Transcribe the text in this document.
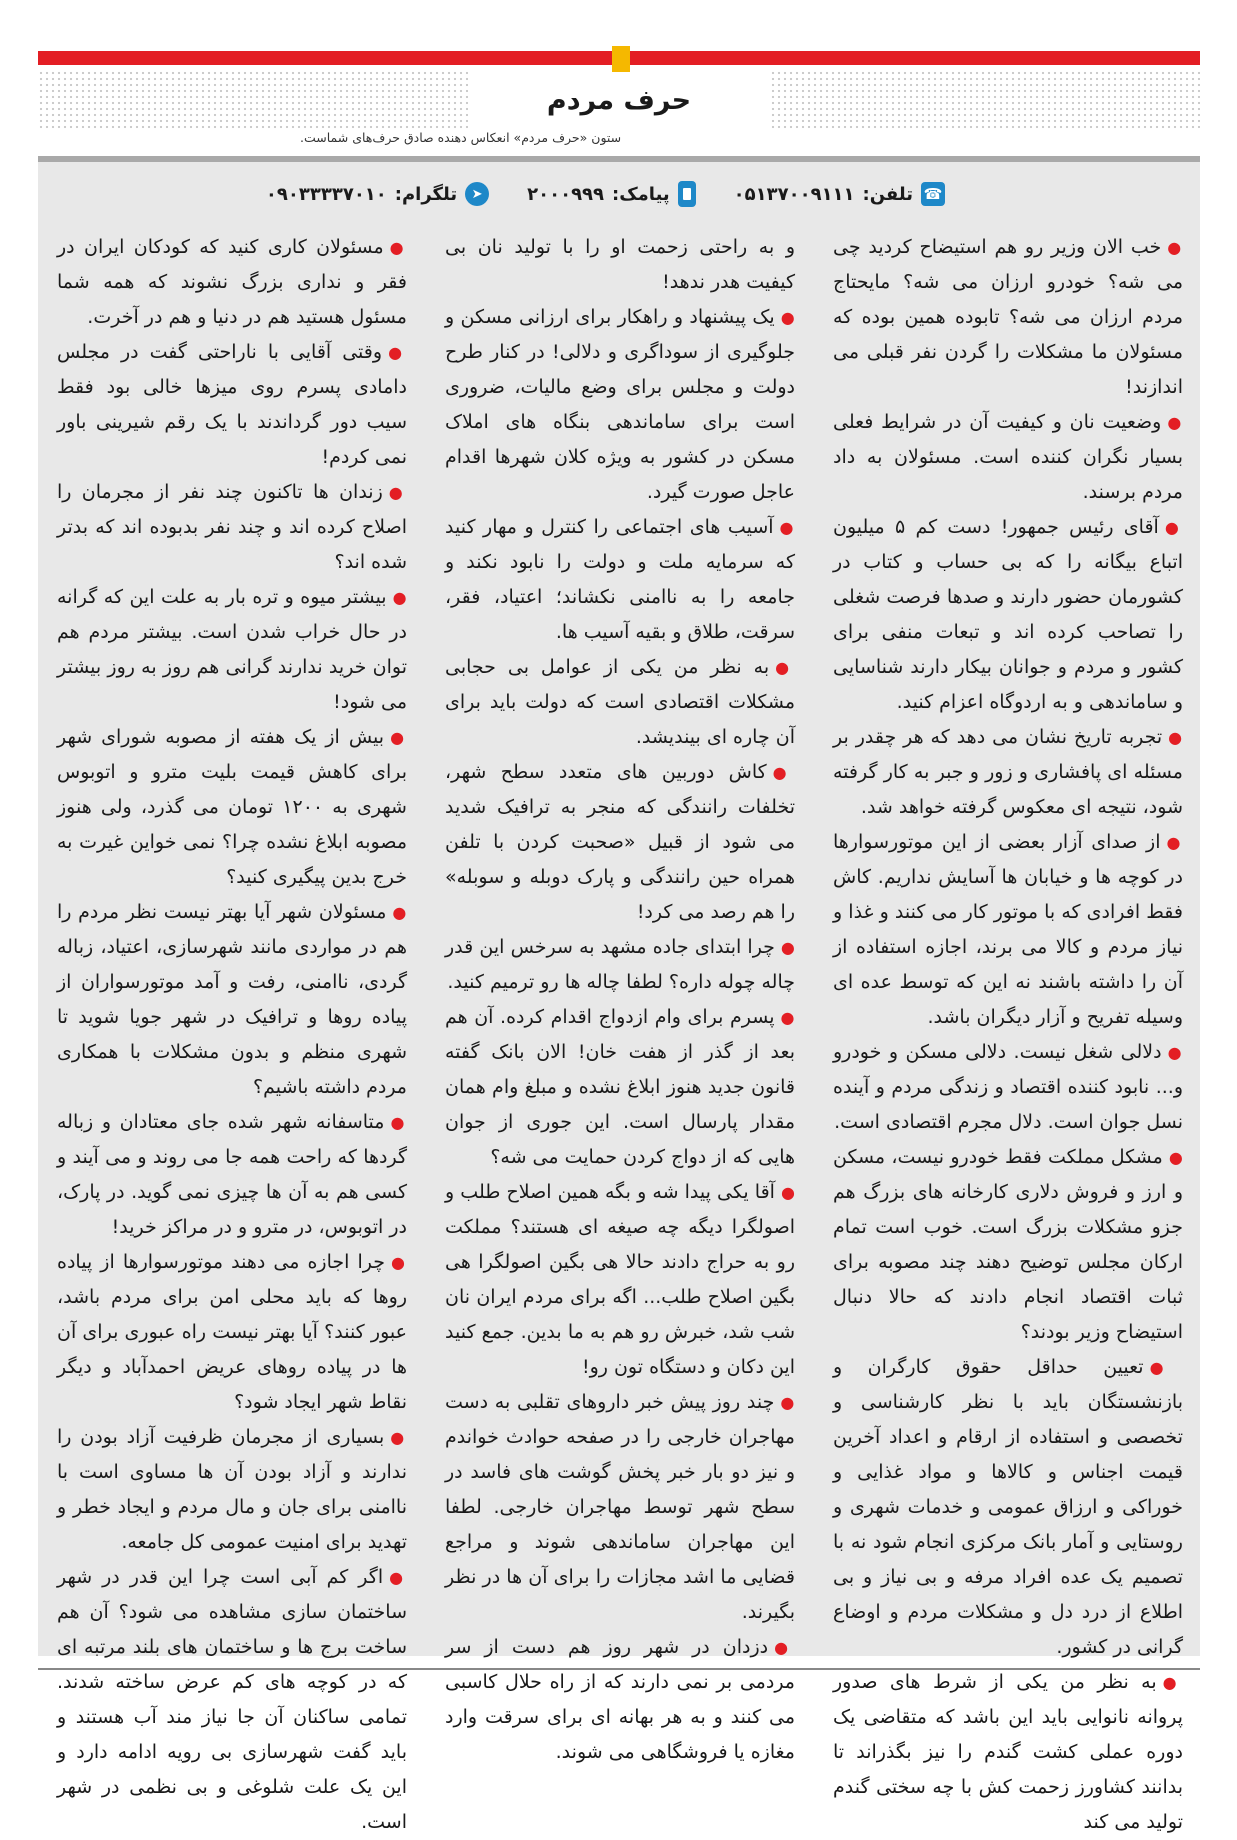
حرف مردم
ستون «حرف مردم» انعکاس دهنده صادق حرف‌های شماست.
☎
تلفن:
۰۵۱۳۷۰۰۹۱۱۱
پیامک:
۲۰۰۰۹۹۹
➤
تلگرام:
۰۹۰۳۳۳۳۷۰۱۰

●خب الان وزیر رو هم استیضاح کردید چی می شه؟ خودرو ارزان می شه؟ مایحتاج مردم ارزان می شه؟ تابوده همین بوده که مسئولان ما مشکلات را گردن نفر قبلی می اندازند!

●وضعیت نان و کیفیت آن در شرایط فعلی بسیار نگران کننده است. مسئولان به داد مردم برسند.

●آقای رئیس جمهور! دست کم ۵ میلیون اتباع بیگانه را که بی حساب و کتاب در کشورمان حضور دارند و صدها فرصت شغلی را تصاحب کرده اند و تبعات منفی برای کشور و مردم و جوانان بیکار دارند شناسایی و ساماندهی و به اردوگاه اعزام کنید.

●تجربه تاریخ نشان می دهد که هر چقدر بر مسئله ای پافشاری و زور و جبر به کار گرفته شود، نتیجه ای معکوس گرفته خواهد شد.

●از صدای آزار بعضی از این موتورسوارها در کوچه ها و خیابان ها آسایش نداریم. کاش فقط افرادی که با موتور کار می کنند و غذا و نیاز مردم و کالا می برند، اجازه استفاده از آن را داشته باشند نه این که توسط عده ای وسیله تفریح و آزار دیگران باشد.

●دلالی شغل نیست. دلالی مسکن و خودرو و... نابود کننده اقتصاد و زندگی مردم و آینده نسل جوان است. دلال مجرم اقتصادی است.

●مشکل مملکت فقط خودرو نیست، مسکن و ارز و فروش دلاری کارخانه های بزرگ هم جزو مشکلات بزرگ است. خوب است تمام ارکان مجلس توضیح دهند چند مصوبه برای ثبات اقتصاد انجام دادند که حالا دنبال استیضاح وزیر بودند؟

●تعیین حداقل حقوق کارگران و بازنشستگان باید با نظر کارشناسی و تخصصی و استفاده از ارقام و اعداد آخرین قیمت اجناس و کالاها و مواد غذایی و خوراکی و ارزاق عمومی و خدمات شهری و روستایی و آمار بانک مرکزی انجام شود نه با تصمیم یک عده افراد مرفه و بی نیاز و بی اطلاع از درد دل و مشکلات مردم و اوضاع گرانی در کشور.

●به نظر من یکی از شرط های صدور پروانه نانوایی باید این باشد که متقاضی یک دوره عملی کشت گندم را نیز بگذراند تا بدانند کشاورز زحمت کش با چه سختی گندم تولید می کند

و به راحتی زحمت او را با تولید نان بی کیفیت هدر ندهد!

●یک پیشنهاد و راهکار برای ارزانی مسکن و جلوگیری از سوداگری و دلالی! در کنار طرح دولت و مجلس برای وضع مالیات، ضروری است برای ساماندهی بنگاه های املاک مسکن در کشور به ویژه کلان شهرها اقدام عاجل صورت گیرد.

●آسیب های اجتماعی را کنترل و مهار کنید که سرمایه ملت و دولت را نابود نکند و جامعه را به ناامنی نکشاند؛ اعتیاد، فقر، سرقت، طلاق و بقیه آسیب ها.

●به نظر من یکی از عوامل بی حجابی مشکلات اقتصادی است که دولت باید برای آن چاره ای بیندیشد.

●کاش دوربین های متعدد سطح شهر، تخلفات رانندگی که منجر به ترافیک شدید می شود از قبیل «صحبت کردن با تلفن همراه حین رانندگی و پارک دوبله و سوبله» را هم رصد می کرد!

●چرا ابتدای جاده مشهد به سرخس این قدر چاله چوله داره؟ لطفا چاله ها رو ترمیم کنید.

●پسرم برای وام ازدواج اقدام کرده. آن هم بعد از گذر از هفت خان! الان بانک گفته قانون جدید هنوز ابلاغ نشده و مبلغ وام همان مقدار پارسال است. این جوری از جوان هایی که از دواج کردن حمایت می شه؟

●آقا یکی پیدا شه و بگه همین اصلاح طلب و اصولگرا دیگه چه صیغه ای هستند؟ مملکت رو به حراج دادند حالا هی بگین اصولگرا هی بگین اصلاح طلب... اگه برای مردم ایران نان شب شد، خبرش رو هم به ما بدین. جمع کنید این دکان و دستگاه تون رو!

●چند روز پیش خبر داروهای تقلبی به دست مهاجران خارجی را در صفحه حوادث خواندم و نیز دو بار خبر پخش گوشت های فاسد در سطح شهر توسط مهاجران خارجی. لطفا این مهاجران ساماندهی شوند و مراجع قضایی ما اشد مجازات را برای آن ها در نظر بگیرند.

●دزدان در شهر روز هم دست از سر مردمی بر نمی دارند که از راه حلال کاسبی می کنند و به هر بهانه ای برای سرقت وارد مغازه یا فروشگاهی می شوند.

●مسئولان کاری کنید که کودکان ایران در فقر و نداری بزرگ نشوند که همه شما مسئول هستید هم در دنیا و هم در آخرت.

●وقتی آقایی با ناراحتی گفت در مجلس دامادی پسرم روی میزها خالی بود فقط سیب دور گرداندند با یک رقم شیرینی باور نمی کردم!

●زندان ها تاکنون چند نفر از مجرمان را اصلاح کرده اند و چند نفر بدبوده اند که بدتر شده اند؟

●بیشتر میوه و تره بار به علت این که گرانه در حال خراب شدن است. بیشتر مردم هم توان خرید ندارند گرانی هم روز به روز بیشتر می شود!

●بیش از یک هفته از مصوبه شورای شهر برای کاهش قیمت بلیت مترو و اتوبوس شهری به ۱۲۰۰ تومان می گذرد، ولی هنوز مصوبه ابلاغ نشده چرا؟ نمی خواین غیرت به خرج بدین پیگیری کنید؟

●مسئولان شهر آیا بهتر نیست نظر مردم را هم در مواردی مانند شهرسازی، اعتیاد، زباله گردی، ناامنی، رفت و آمد موتورسواران از پیاده روها و ترافیک در شهر جویا شوید تا شهری منظم و بدون مشکلات با همکاری مردم داشته باشیم؟

●متاسفانه شهر شده جای معتادان و زباله گردها که راحت همه جا می روند و می آیند و کسی هم به آن ها چیزی نمی گوید. در پارک، در اتوبوس، در مترو و در مراکز خرید!

●چرا اجازه می دهند موتورسوارها از پیاده روها که باید محلی امن برای مردم باشد، عبور کنند؟ آیا بهتر نیست راه عبوری برای آن ها در پیاده روهای عریض احمدآباد و دیگر نقاط شهر ایجاد شود؟

●بسیاری از مجرمان ظرفیت آزاد بودن را ندارند و آزاد بودن آن ها مساوی است با ناامنی برای جان و مال مردم و ایجاد خطر و تهدید برای امنیت عمومی کل جامعه.

●اگر کم آبی است چرا این قدر در شهر ساختمان سازی مشاهده می شود؟ آن هم ساخت برج ها و ساختمان های بلند مرتبه ای که در کوچه های کم عرض ساخته شدند. تمامی ساکنان آن جا نیاز مند آب هستند و باید گفت شهرسازی بی رویه ادامه دارد و این یک علت شلوغی و بی نظمی در شهر است.
